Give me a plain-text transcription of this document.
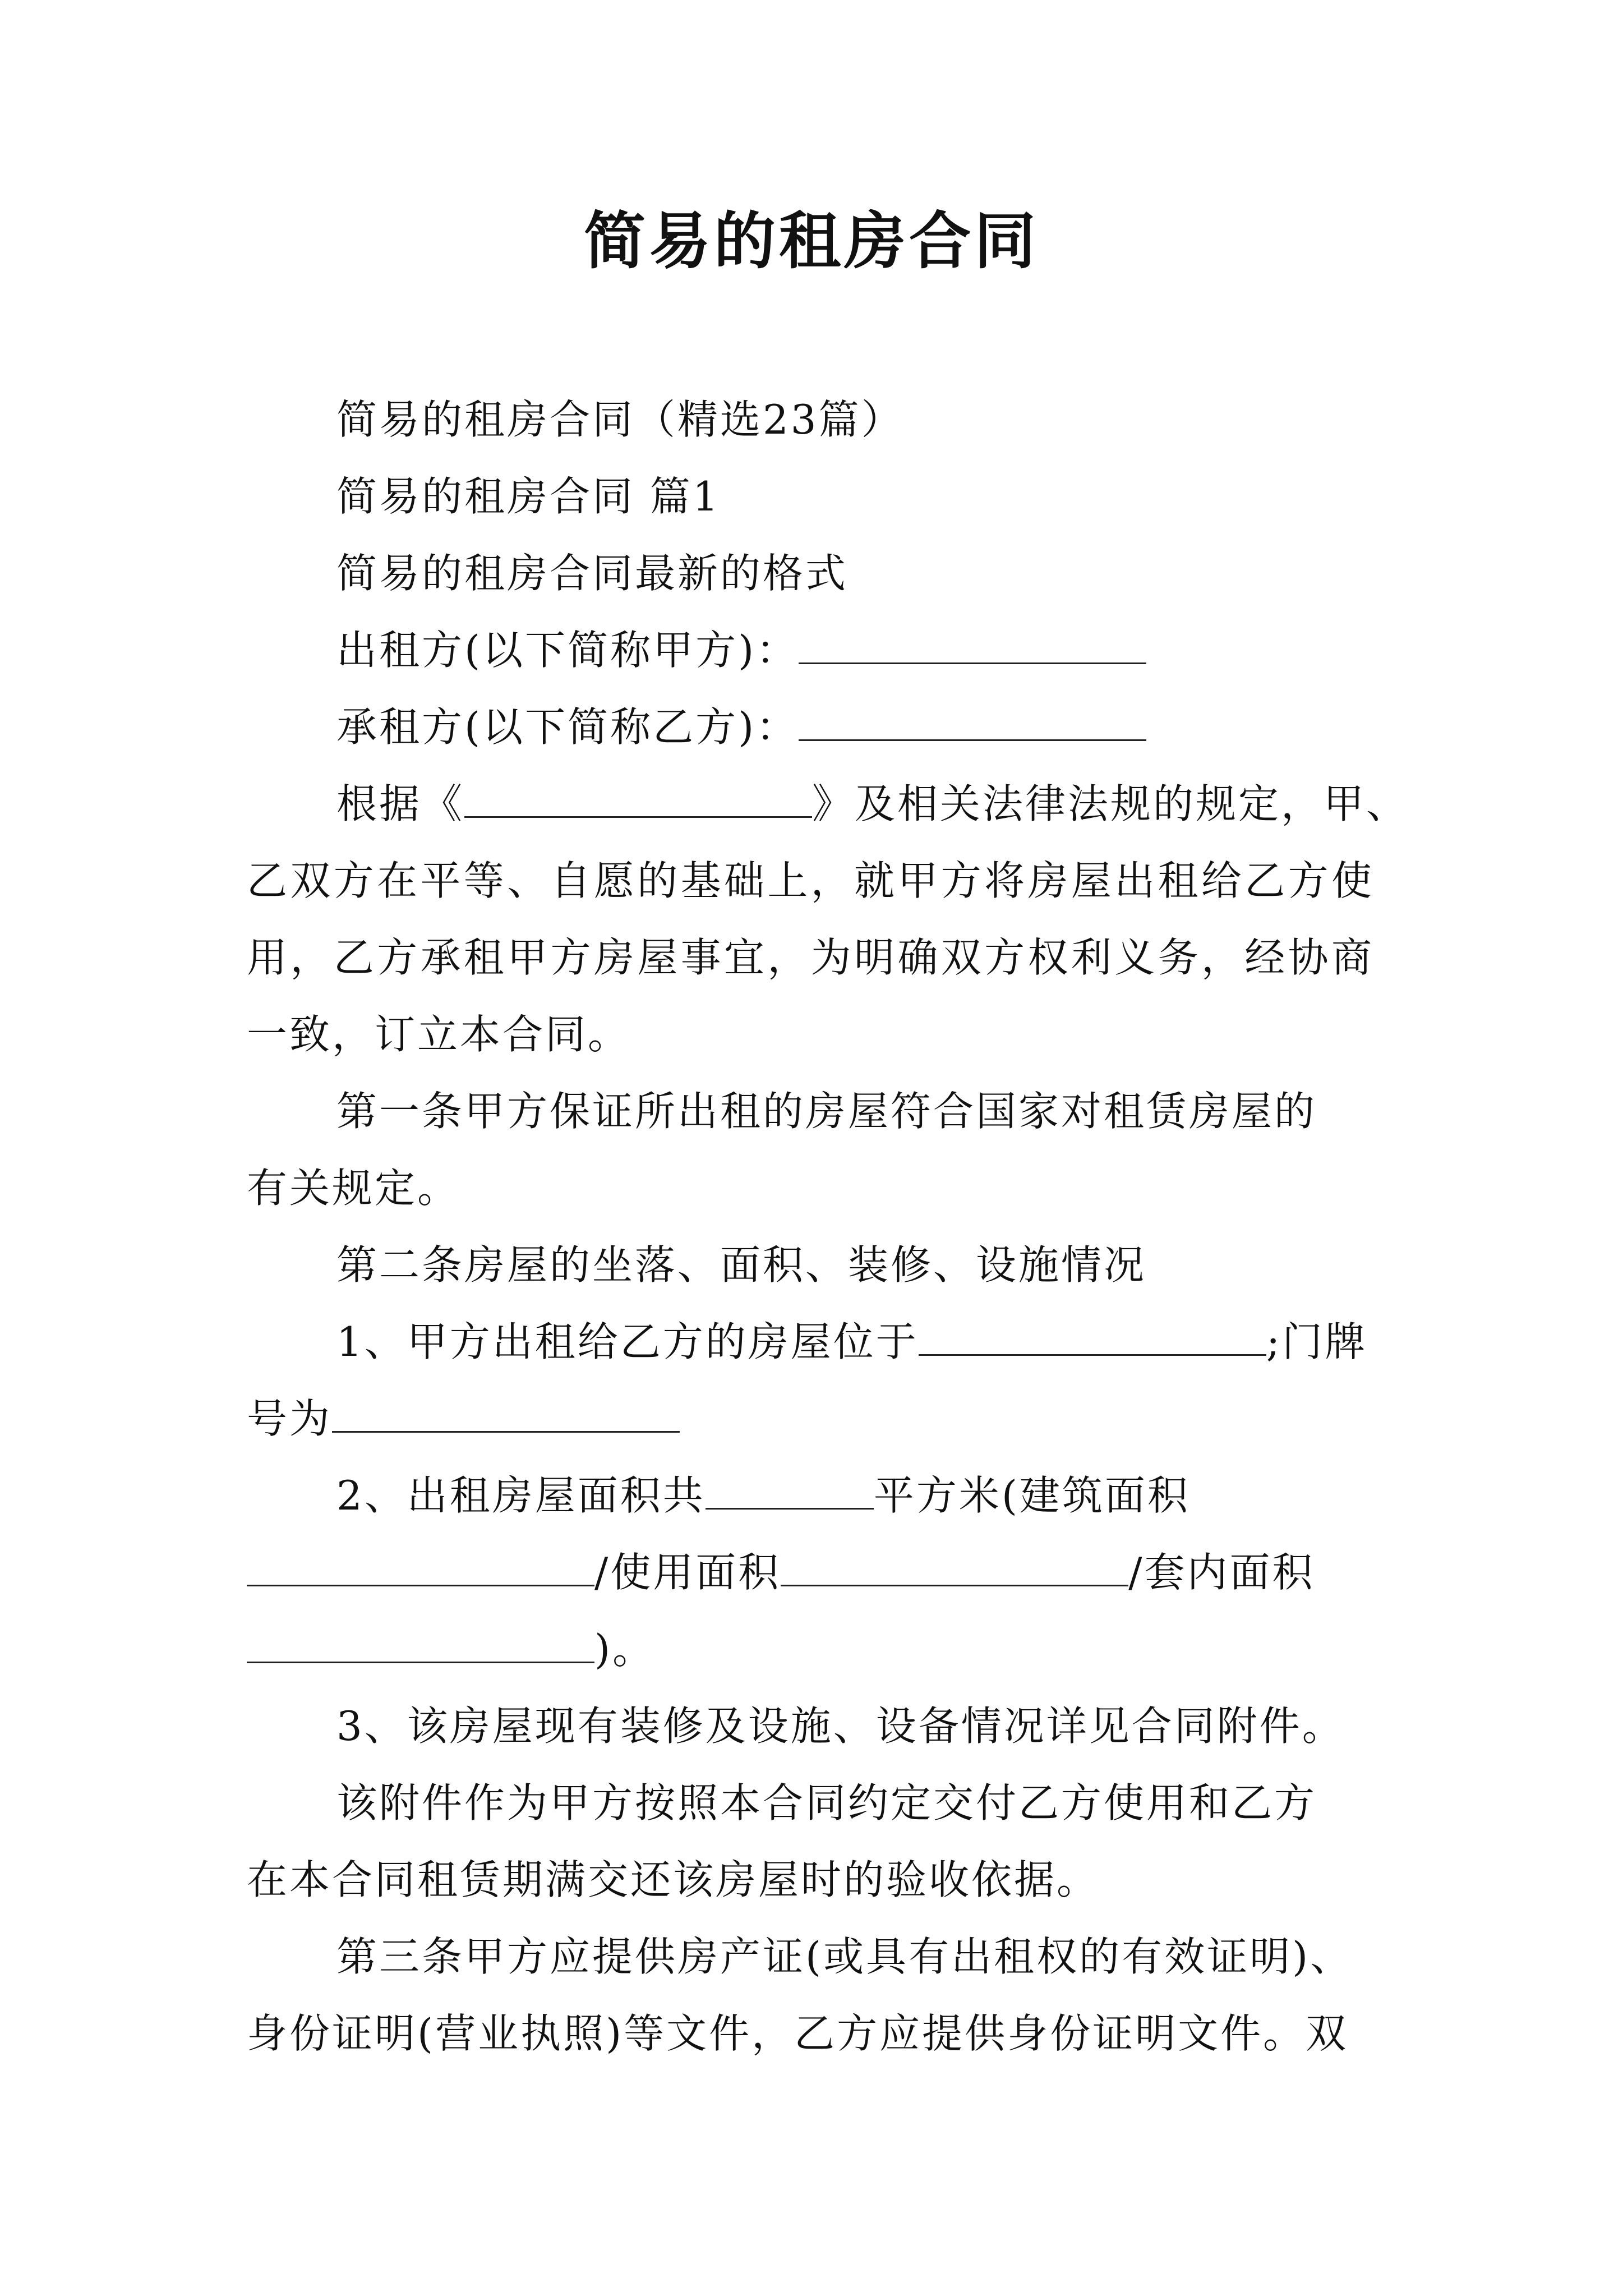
简易的租房合同
简易的租房合同（精选23篇）
简易的租房合同 篇1
简易的租房合同最新的格式
出租方(以下简称甲方)：
承租方(以下简称乙方)：
根据《	》及相关法律法规的规定，甲、
乙双方在平等、自愿的基础上，就甲方将房屋出租给乙方使
用，乙方承租甲方房屋事宜，为明确双方权利义务，经协商
一致，订立本合同。
第一条甲方保证所出租的房屋符合国家对租赁房屋的
有关规定。
第二条房屋的坐落、面积、装修、设施情况
1、甲方出租给乙方的房屋位于	;门牌
号为
2、出租房屋面积共	平方米(建筑面积
/使用面积	/套内面积
)。
3、该房屋现有装修及设施、设备情况详见合同附件。
该附件作为甲方按照本合同约定交付乙方使用和乙方
在本合同租赁期满交还该房屋时的验收依据。
第三条甲方应提供房产证(或具有出租权的有效证明)、
身份证明(营业执照)等文件，乙方应提供身份证明文件。双
